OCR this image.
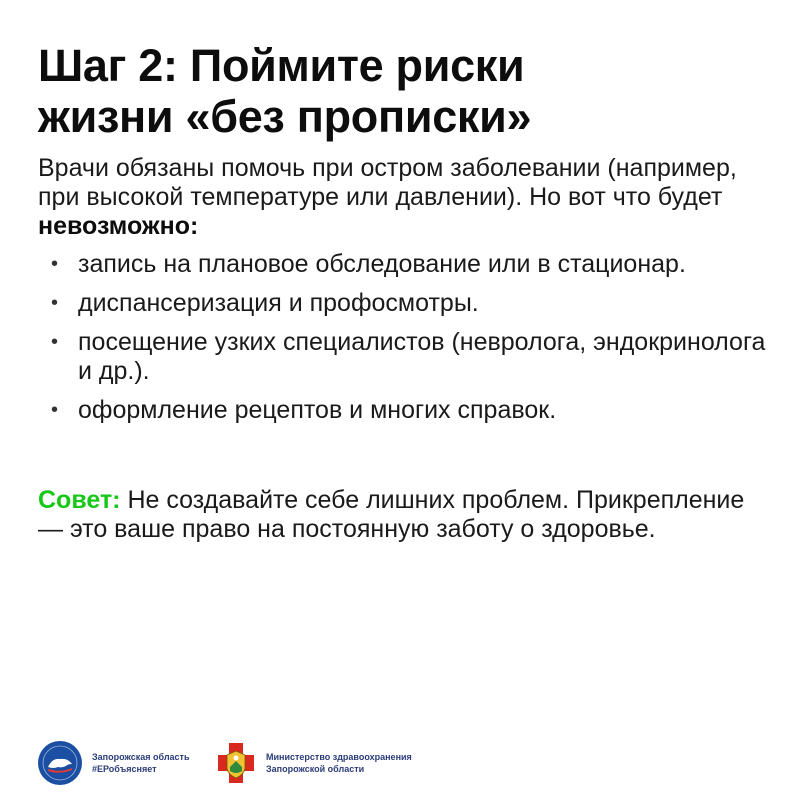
Шаг 2: Поймите риски
жизни «без прописки»

Врачи обязаны помочь при остром заболевании (например, при высокой температуре или давлении). Но вот что будет невозможно:

• запись на плановое обследование или в стационар.
• диспансеризация и профосмотры.
• посещение узких специалистов (невролога, эндокринолога и др.).
• оформление рецептов и многих справок.

Совет: Не создавайте себе лишних проблем. Прикрепление — это ваше право на постоянную заботу о здоровье.

Запорожская область
#ЕРобъясняет
Министерство здравоохранения
Запорожской области
